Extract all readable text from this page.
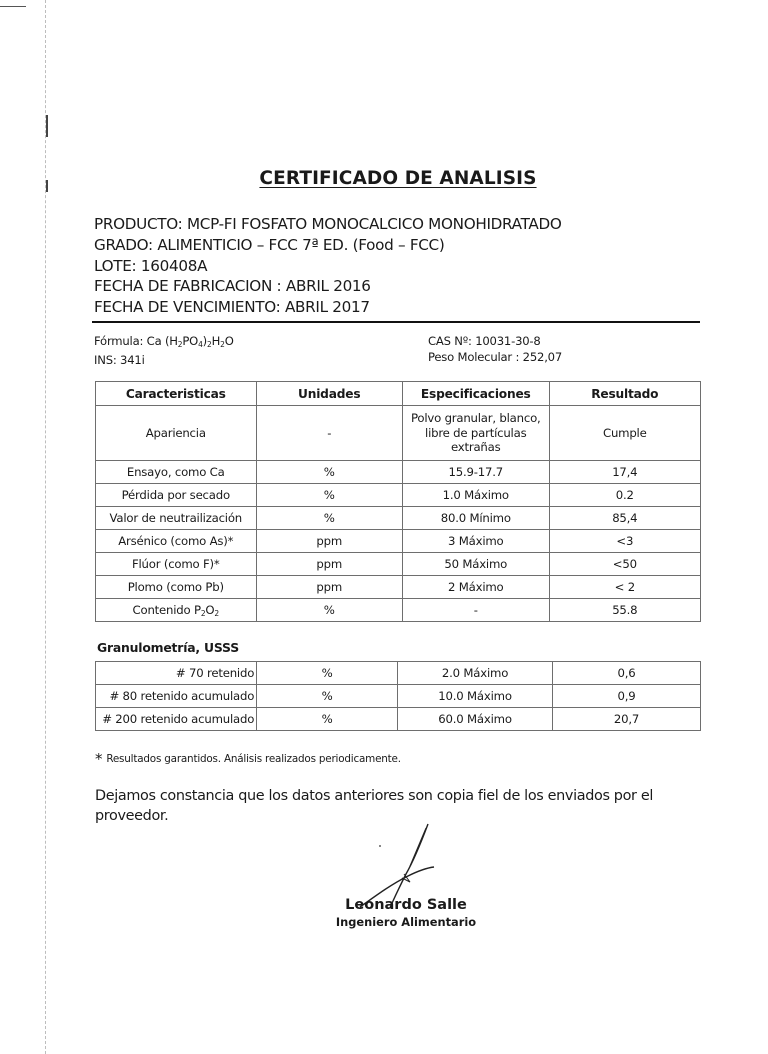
CERTIFICADO DE ANALISIS
PRODUCTO: MCP-FI FOSFATO MONOCALCICO MONOHIDRATADO
GRADO: ALIMENTICIO – FCC 7ª ED. (Food – FCC)
LOTE: 160408A
FECHA DE FABRICACION : ABRIL 2016
FECHA DE VENCIMIENTO: ABRIL 2017
Fórmula: Ca $(H_2PO_4)_2H_2O$
INS: 341i
CAS Nº: 10031-30-8
Peso Molecular : 252,07
Caracteristicas	Unidades	Especificaciones	Resultado
Apariencia	-	Polvo granular, blanco,
libre de partículas
extrañas	Cumple
Ensayo, como Ca	%	15.9-17.7	17,4
Pérdida por secado	%	1.0 Máximo	0.2
Valor de neutrailización	%	80.0 Mínimo	85,4
Arsénico (como As)*	ppm	3 Máximo	<3
Flúor (como F)*	ppm	50 Máximo	<50
Plomo (como Pb)	ppm	2 Máximo	< 2
Contenido $P_2O_2$	%	-	55.8
Granulometría, USSS
# 70 retenido	%	2.0 Máximo	0,6
# 80 retenido acumulado	%	10.0 Máximo	0,9
# 200 retenido acumulado	%	60.0 Máximo	20,7
* Resultados garantidos. Análisis realizados periodicamente.
Dejamos constancia que los datos anteriores son copia fiel de los enviados por el proveedor.
Leonardo Salle
Ingeniero Alimentario
